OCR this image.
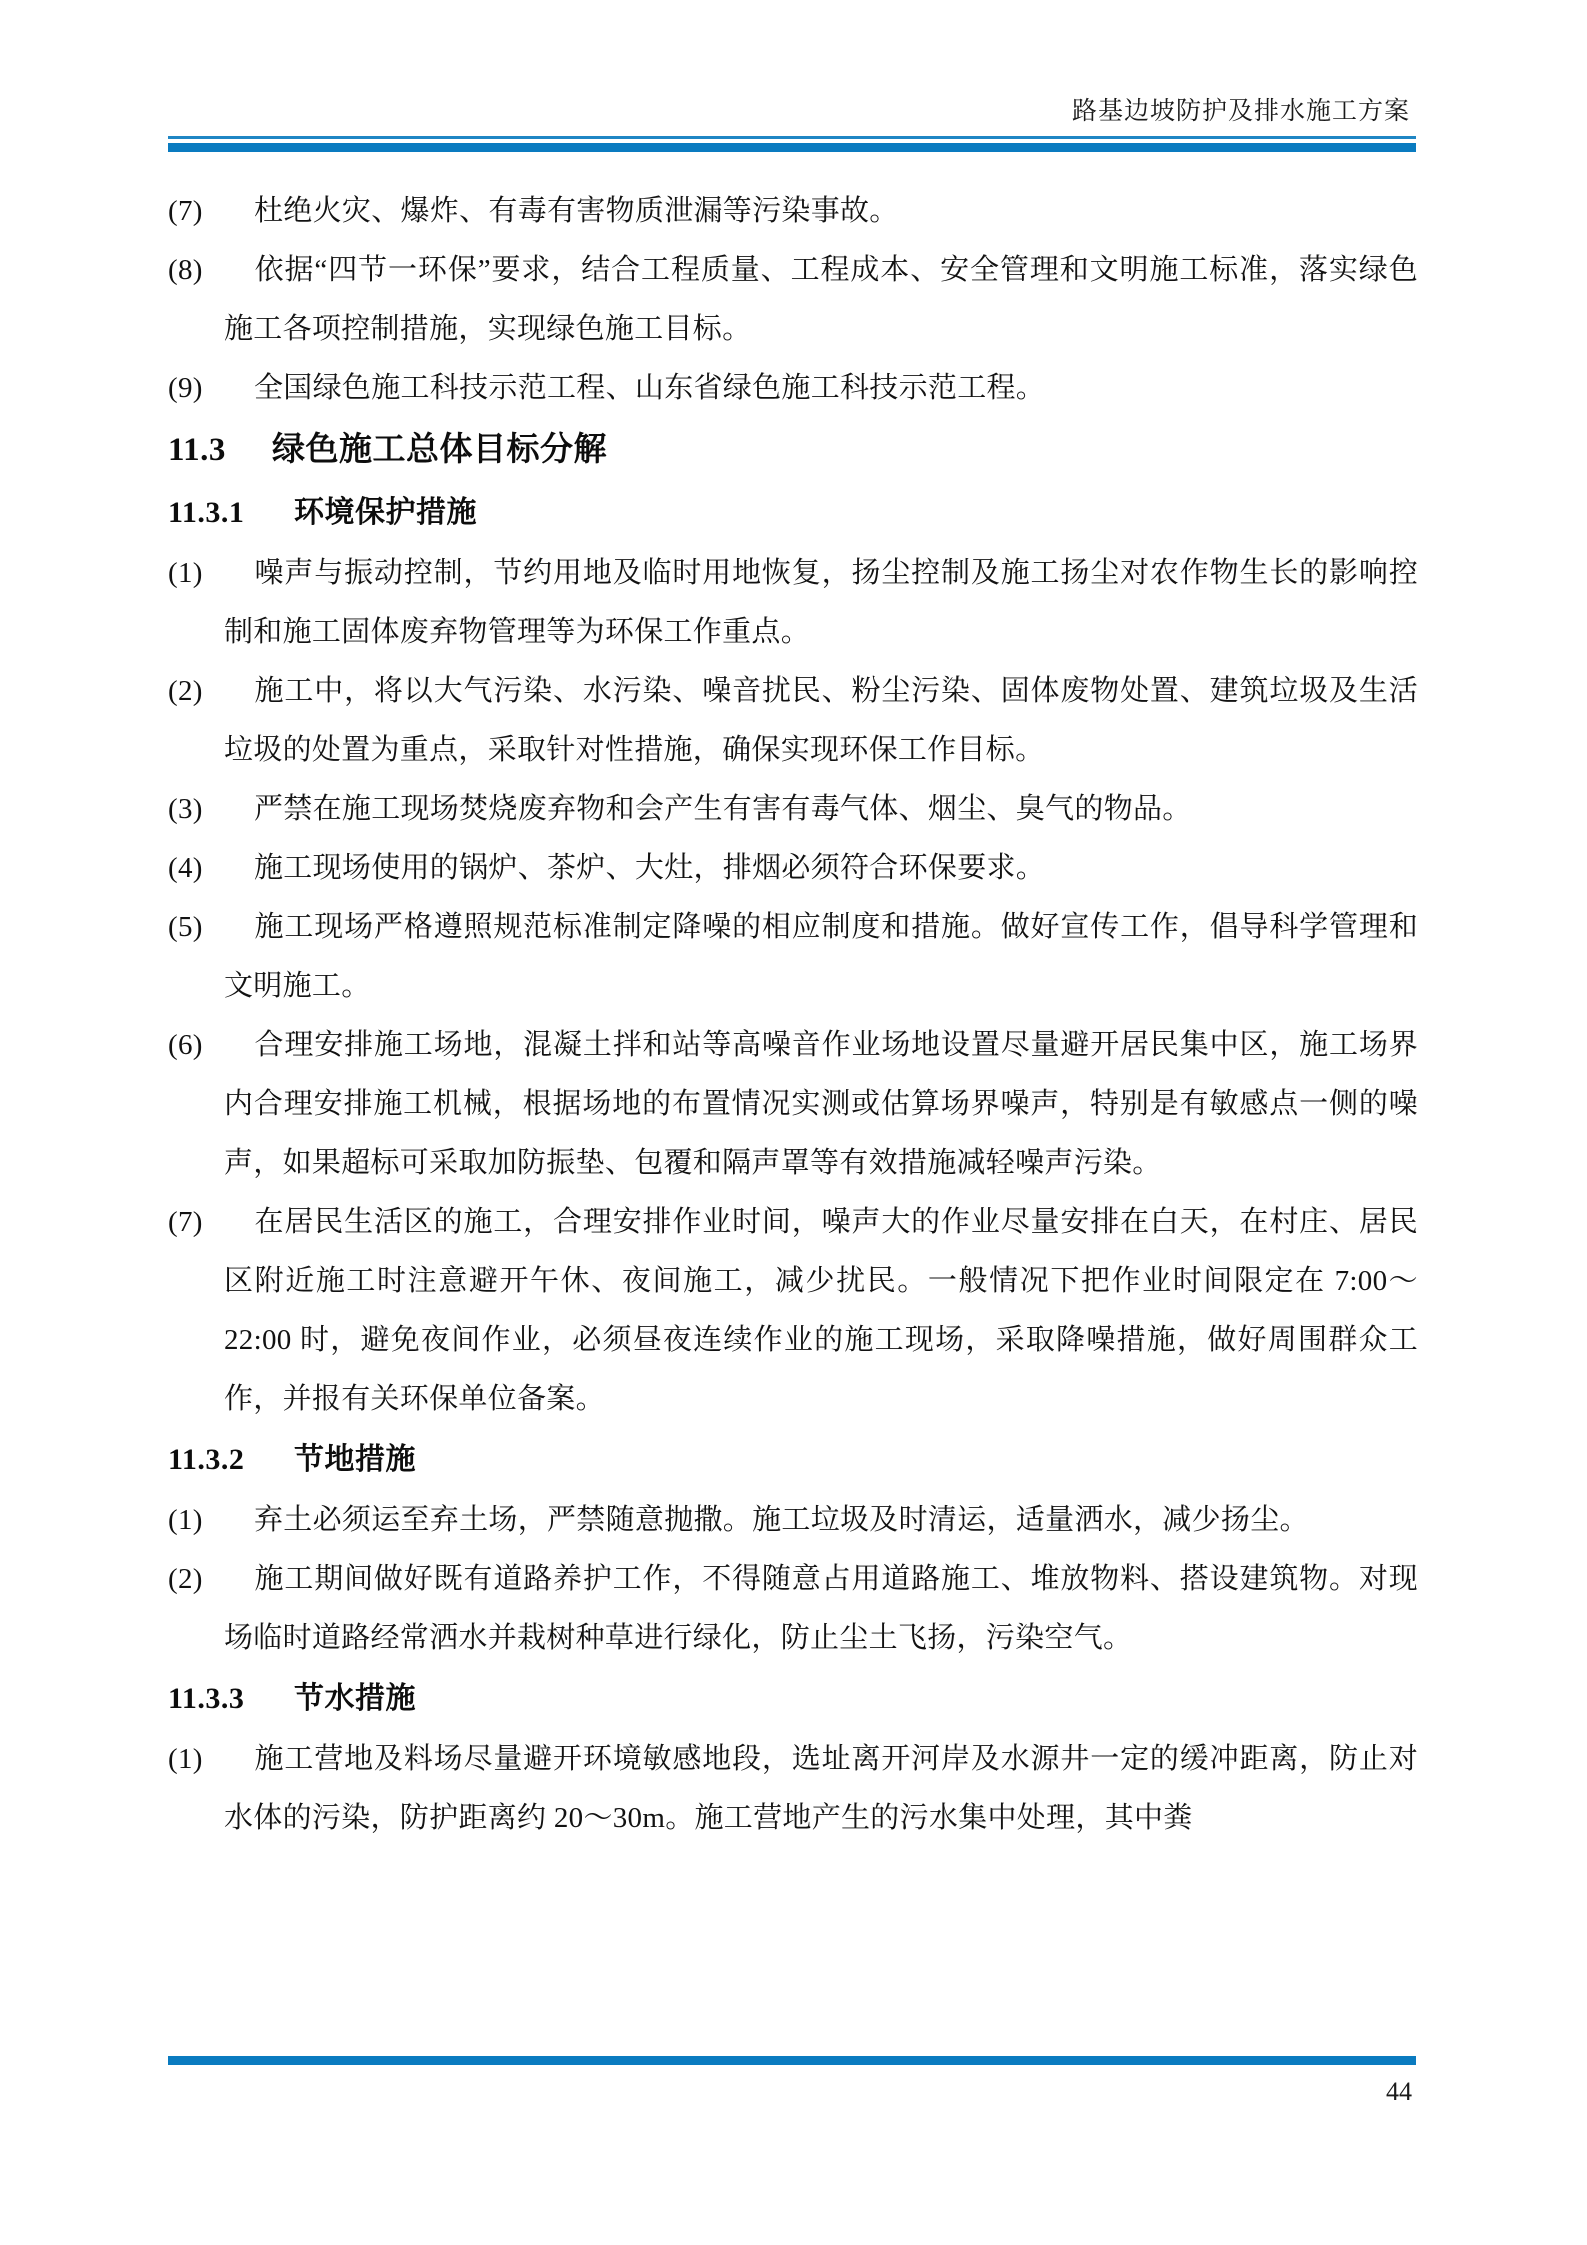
路基边坡防护及排水施工方案

(7) 杜绝火灾、爆炸、有毒有害物质泄漏等污染事故。

(8) 依据“四节一环保”要求，结合工程质量、工程成本、安全管理和文明施工标准，落实绿色施工各项控制措施，实现绿色施工目标。

(9) 全国绿色施工科技示范工程、山东省绿色施工科技示范工程。

11.3 绿色施工总体目标分解
11.3.1 环境保护措施

(1) 噪声与振动控制，节约用地及临时用地恢复，扬尘控制及施工扬尘对农作物生长的影响控制和施工固体废弃物管理等为环保工作重点。

(2) 施工中，将以大气污染、水污染、噪音扰民、粉尘污染、固体废物处置、建筑垃圾及生活垃圾的处置为重点，采取针对性措施，确保实现环保工作目标。

(3) 严禁在施工现场焚烧废弃物和会产生有害有毒气体、烟尘、臭气的物品。

(4) 施工现场使用的锅炉、茶炉、大灶，排烟必须符合环保要求。

(5) 施工现场严格遵照规范标准制定降噪的相应制度和措施。做好宣传工作，倡导科学管理和文明施工。

(6) 合理安排施工场地，混凝土拌和站等高噪音作业场地设置尽量避开居民集中区，施工场界内合理安排施工机械，根据场地的布置情况实测或估算场界噪声，特别是有敏感点一侧的噪声，如果超标可采取加防振垫、包覆和隔声罩等有效措施减轻噪声污染。

(7) 在居民生活区的施工，合理安排作业时间，噪声大的作业尽量安排在白天，在村庄、居民区附近施工时注意避开午休、夜间施工，减少扰民。一般情况下把作业时间限定在 7:00～22:00 时，避免夜间作业，必须昼夜连续作业的施工现场，采取降噪措施，做好周围群众工作，并报有关环保单位备案。

11.3.2 节地措施

(1) 弃土必须运至弃土场，严禁随意抛撒。施工垃圾及时清运，适量洒水，减少扬尘。

(2) 施工期间做好既有道路养护工作，不得随意占用道路施工、堆放物料、搭设建筑物。对现场临时道路经常洒水并栽树种草进行绿化，防止尘土飞扬，污染空气。

11.3.3 节水措施

(1) 施工营地及料场尽量避开环境敏感地段，选址离开河岸及水源井一定的缓冲距离，防止对水体的污染，防护距离约 20～30m。施工营地产生的污水集中处理，其中粪

44
